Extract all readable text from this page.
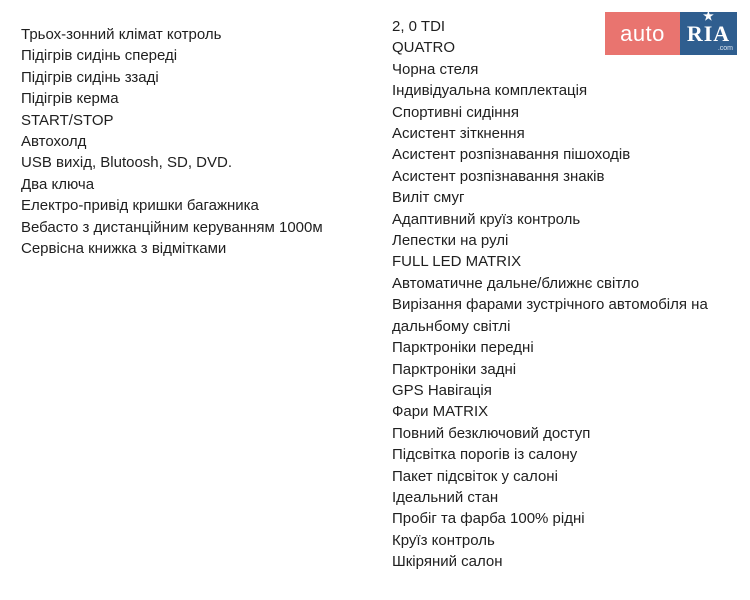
Трьох-зонний клімат котроль
Підігрів сидінь спереді
Підігрів сидінь ззаді
Підігрів керма
START/STOP
Автохолд
USB вихід, Blutoosh, SD, DVD.
Два ключа
Електро-привід кришки багажника
Вебасто з дистанційним керуванням 1000м
Сервісна книжка з відмітками
2, 0 TDI
QUATRO
Чорна стеля
Індивідуальна комплектація
Спортивні сидіння
Асистент зіткнення
Асистент розпізнавання пішоходів
Асистент розпізнавання знаків
Виліт смуг
Адаптивний круїз контроль
Лепестки на рулі
FULL LED MATRIX
Автоматичне дальне/ближнє світло
Вирізання фарами зустрічного автомобіля на дальнбому світлі
Парктроніки передні
Парктроніки задні
GPS Навігація
Фари MATRIX
Повний безключовий доступ
Підсвітка порогів із салону
Пакет підсвіток у салоні
Ідеальний стан
Пробіг та фарба 100% рідні
Круїз контроль
Шкіряний салон
auto
★
RIA
.com
